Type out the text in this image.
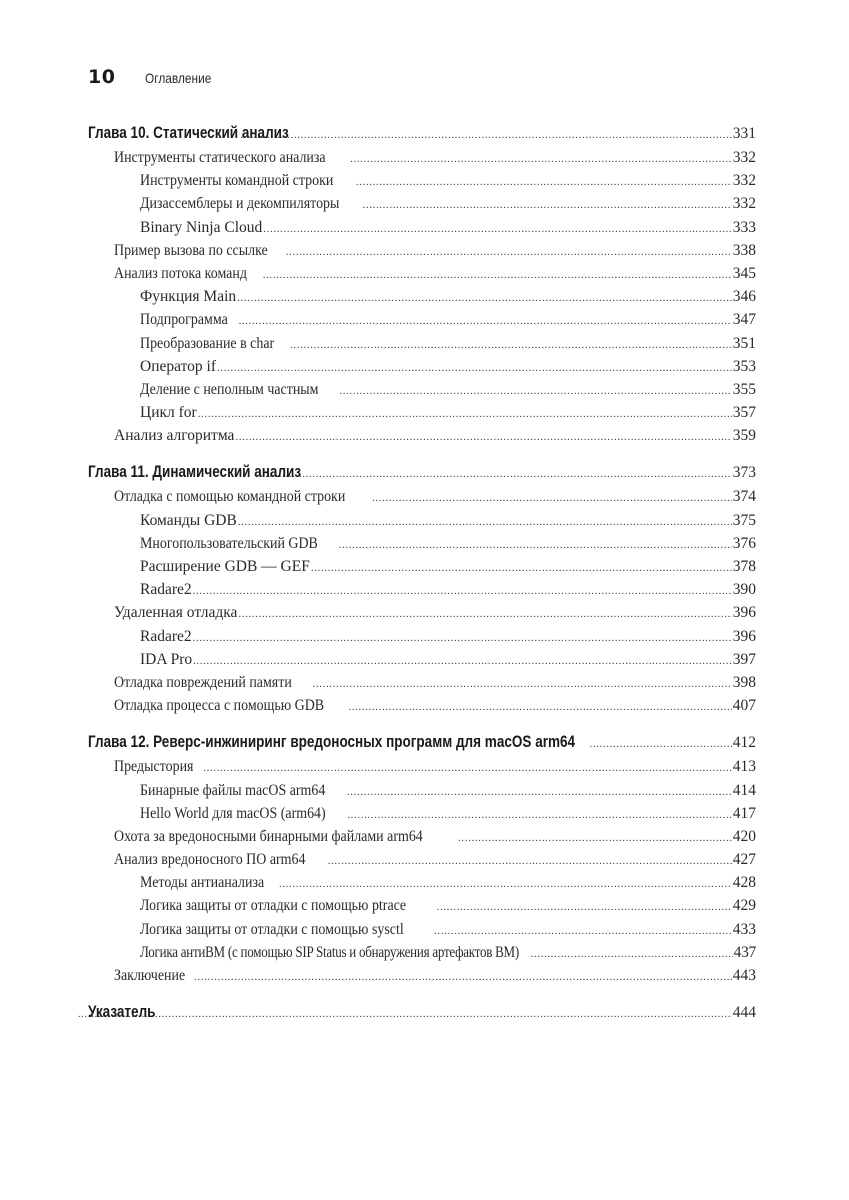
10 Оглавление
Глава 10. Статический анализ .....	331
Инструменты статического анализа .....	332
Инструменты командной строки .....	332
Дизассемблеры и декомпиляторы .....	332
Binary Ninja Cloud .....	333
Пример вызова по ссылке .....	338
Анализ потока команд .....	345
Функция Main .....	346
Подпрограмма .....	347
Преобразование в char .....	351
Оператор if .....	353
Деление с неполным частным .....	355
Цикл for .....	357
Анализ алгоритма .....	359
Глава 11. Динамический анализ .....	373
Отладка с помощью командной строки .....	374
Команды GDB .....	375
Многопользовательский GDB .....	376
Расширение GDB — GEF .....	378
Radare2 .....	390
Удаленная отладка .....	396
Radare2 .....	396
IDA Pro .....	397
Отладка повреждений памяти .....	398
Отладка процесса с помощью GDB .....	407
Глава 12. Реверс-инжиниринг вредоносных программ для macOS arm64 .....	412
Предыстория .....	413
Бинарные файлы macOS arm64 .....	414
Hello World для macOS (arm64) .....	417
Охота за вредоносными бинарными файлами arm64 .....	420
Анализ вредоносного ПО arm64 .....	427
Методы антианализа .....	428
Логика защиты от отладки с помощью ptrace .....	429
Логика защиты от отладки с помощью sysctl .....	433
Логика антиВМ (с помощью SIP Status и обнаружения артефактов ВМ) .....	437
Заключение .....	443
Указатель .....	444
